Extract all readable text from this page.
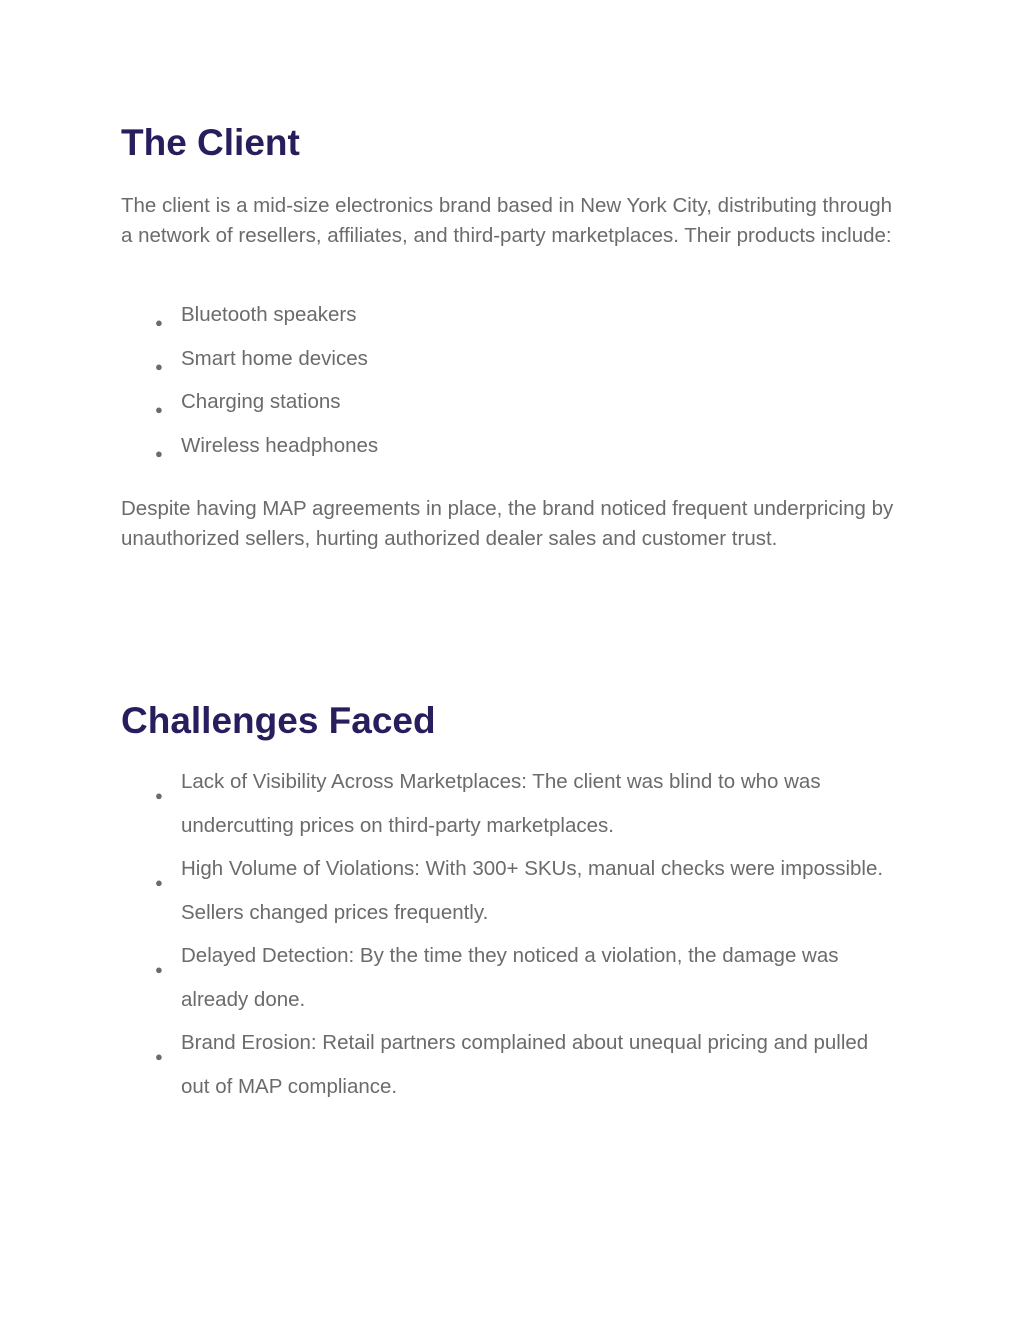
The Client

The client is a mid-size electronics brand based in New York City, distributing through a network of resellers, affiliates, and third-party marketplaces. Their products include:

● Bluetooth speakers
● Smart home devices
● Charging stations
● Wireless headphones

Despite having MAP agreements in place, the brand noticed frequent underpricing by unauthorized sellers, hurting authorized dealer sales and customer trust.

Challenges Faced
●
Lack of Visibility Across Marketplaces: The client was blind to who was undercutting prices on third-party marketplaces.
●
High Volume of Violations: With 300+ SKUs, manual checks were impossible. Sellers changed prices frequently.
●
Delayed Detection: By the time they noticed a violation, the damage was already done.
●
Brand Erosion: Retail partners complained about unequal pricing and pulled out of MAP compliance.
